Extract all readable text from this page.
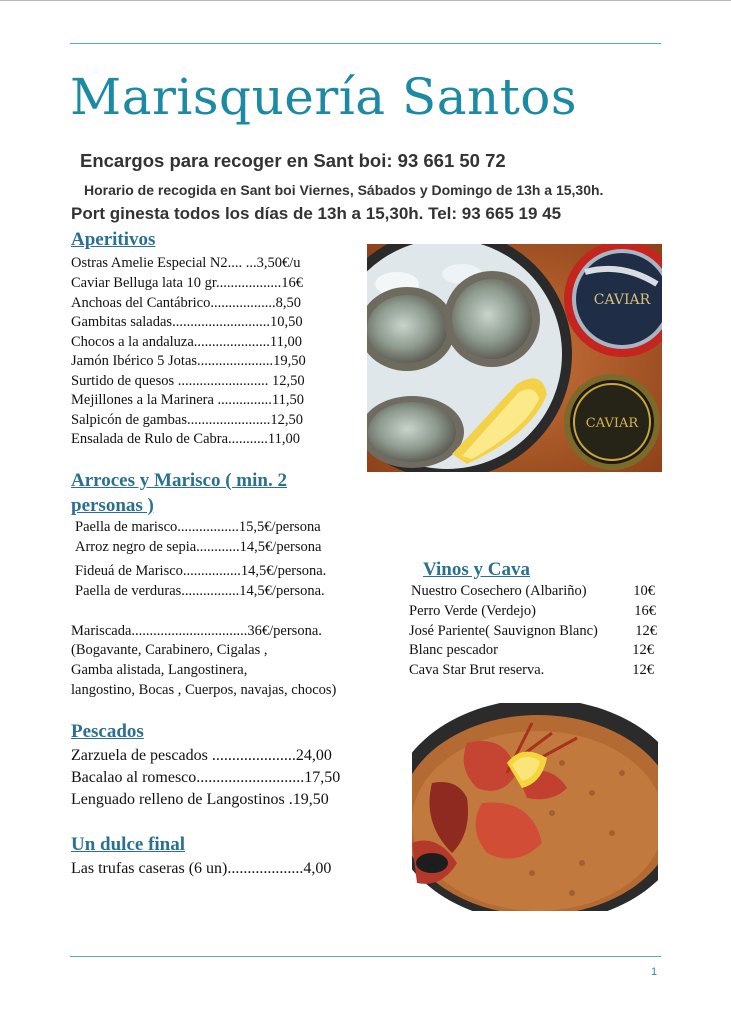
Marisquería Santos
Encargos para recoger en Sant boi: 93 661 50 72
Horario de recogida en Sant boi Viernes, Sábados y Domingo de 13h a 15,30h.
Port ginesta todos los días de 13h a 15,30h. Tel: 93 665 19 45
Aperitivos
Ostras Amelie Especial N2.... ...3,50€/u
Caviar Belluga lata 10 gr..................16€
Anchoas del Cantábrico..................8,50
Gambitas saladas...........................10,50
Chocos a la andaluza.....................11,00
Jamón Ibérico 5 Jotas.....................19,50
Surtido de quesos ......................... 12,50
Mejillones a la Marinera ...............11,50
Salpicón de gambas.......................12,50
Ensalada de Rulo de Cabra...........11,00
CAVIAR
CAVIAR
Arroces y Marisco ( min. 2
personas )
Paella de marisco.................15,5€/persona
Arroz negro de sepia............14,5€/persona
Fideuá de Marisco................14,5€/persona.
Paella de verduras................14,5€/persona.
Mariscada................................36€/persona.
(Bogavante, Carabinero, Cigalas ,
Gamba alistada, Langostinera,
langostino, Bocas , Cuerpos, navajas, chocos)
Vinos y Cava
Nuestro Cosechero (Albariño)	10€
Perro Verde (Verdejo)	16€
José Pariente( Sauvignon Blanc)	12€
Blanc pescador	12€
Cava Star Brut reserva.	12€
Pescados
Zarzuela de pescados .....................24,00
Bacalao al romesco...........................17,50
Lenguado relleno de Langostinos .19,50
Un dulce final
Las trufas caseras (6 un)...................4,00
1
